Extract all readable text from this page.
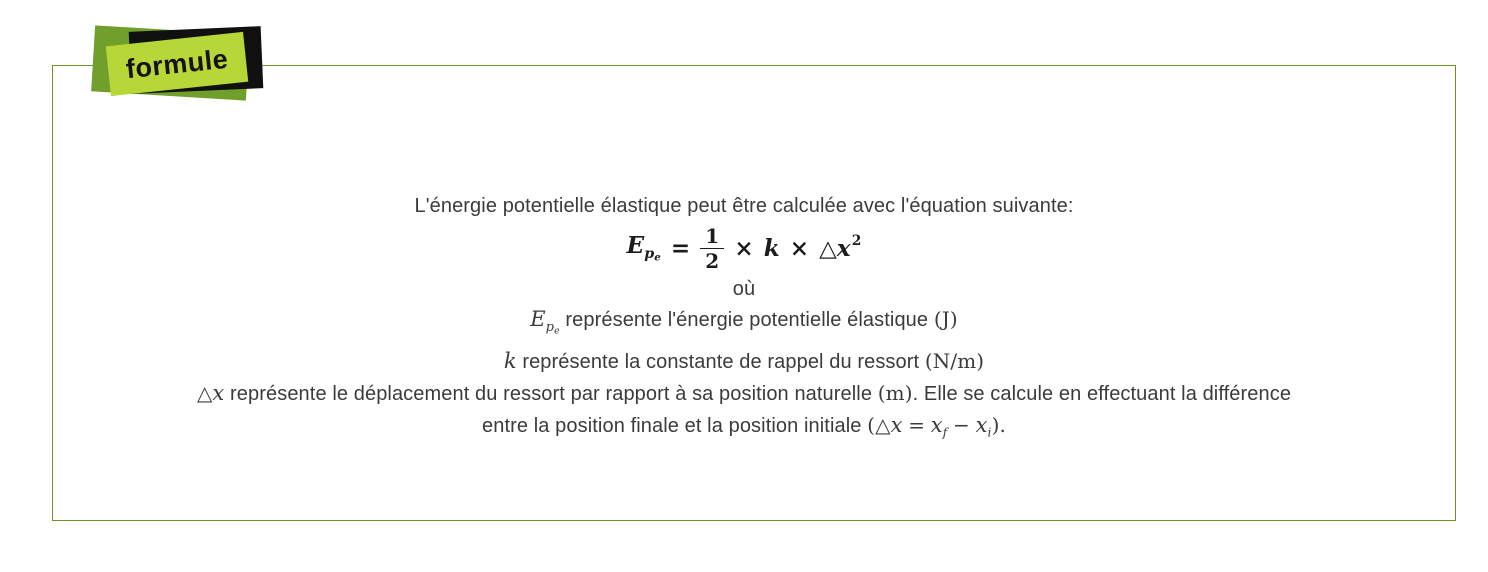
formule

L'énergie potentielle élastique peut être calculée avec l'équation suivante:

$E_{pe} = \frac{1}{2} \times k$ × $\triangle x^2$

où

$E_{pe}$ représente l'énergie potentielle élastique (J)

k représente la constante de rappel du ressort (N/m)

△x représente le déplacement du ressort par rapport à sa position naturelle (m). Elle se calcule en effectuant la différence

entre la position finale et la position initiale (△x = $x_f - x_i$).
